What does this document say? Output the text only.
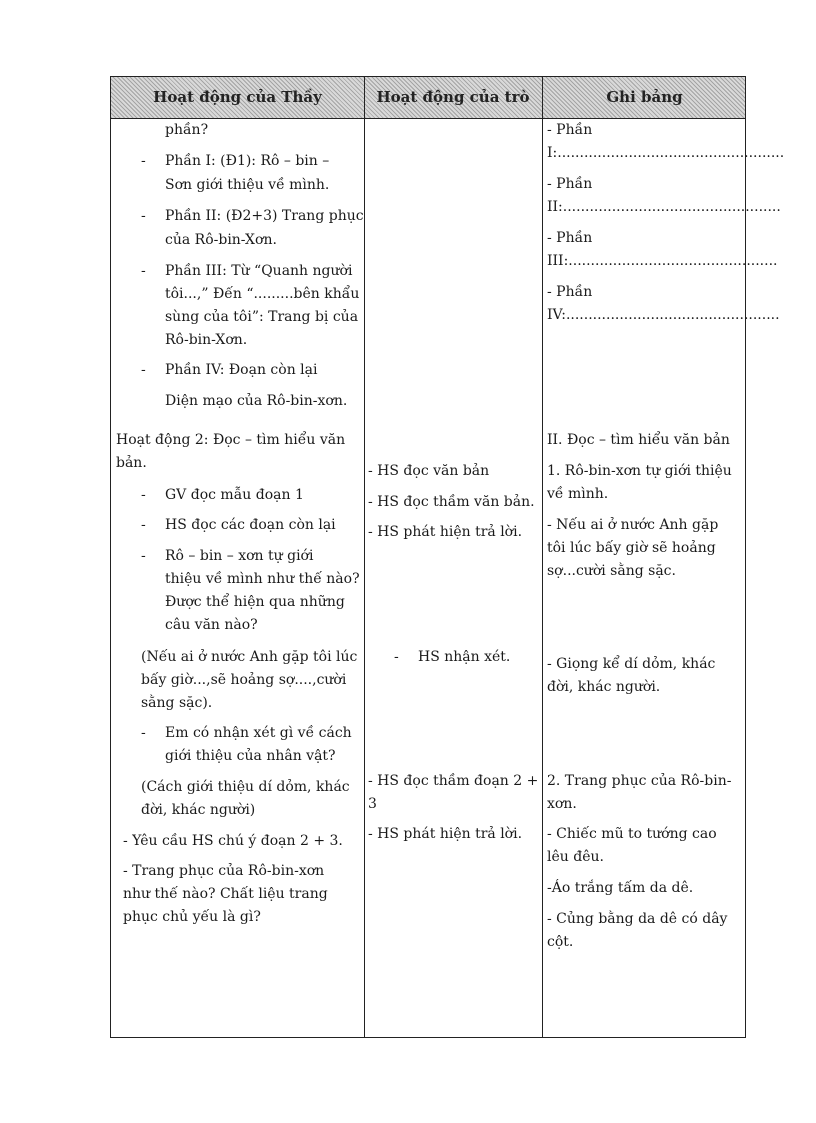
Hoạt động của Thầy	Hoạt động của trò	Ghi bảng
phần?
- Phần I: (Đ1): Rô – bin –
Sơn giới thiệu về mình.
- Phần II: (Đ2+3) Trang phục
của Rô-bin-Xơn.
- Phần III: Từ “Quanh người
tôi...,” Đến “.........bên khẩu
sùng của tôi”: Trang bị của
Rô-bin-Xơn.
- Phần IV: Đoạn còn lại
Diện mạo của Rô-bin-xơn.
Hoạt động 2: Đọc – tìm hiểu văn
bản.
- GV đọc mẫu đoạn 1
- HS đọc các đoạn còn lại
- Rô – bin – xơn tự giới
thiệu về mình như thế nào?
Được thể hiện qua những
câu văn nào?
(Nếu ai ở nước Anh gặp tôi lúc
bấy giờ...,sẽ hoảng sợ....,cười
sằng sặc).
- Em có nhận xét gì về cách
giới thiệu của nhân vật?
(Cách giới thiệu dí dỏm, khác
đời, khác người)
- Yêu cầu HS chú ý đoạn 2 + 3.
- Trang phục của Rô-bin-xơn
như thế nào? Chất liệu trang
phục chủ yếu là gì?
- HS đọc văn bản
- HS đọc thầm văn bản.
- HS phát hiện trả lời.
- HS nhận xét.
- HS đọc thầm đoạn 2 +
3
- HS phát hiện trả lời.
- Phần
I:...................................................
- Phần
II:.................................................
- Phần
III:...............................................
- Phần
IV:................................................
II. Đọc – tìm hiểu văn bản
1. Rô-bin-xơn tự giới thiệu
về mình.
- Nếu ai ở nước Anh gặp
tôi lúc bấy giờ sẽ hoảng
sợ...cười sằng sặc.
- Giọng kể dí dỏm, khác
đời, khác người.
2. Trang phục của Rô-bin-
xơn.
- Chiếc mũ to tướng cao
lêu đêu.
-Áo trắng tấm da dê.
- Củng bằng da dê có dây
cột.
